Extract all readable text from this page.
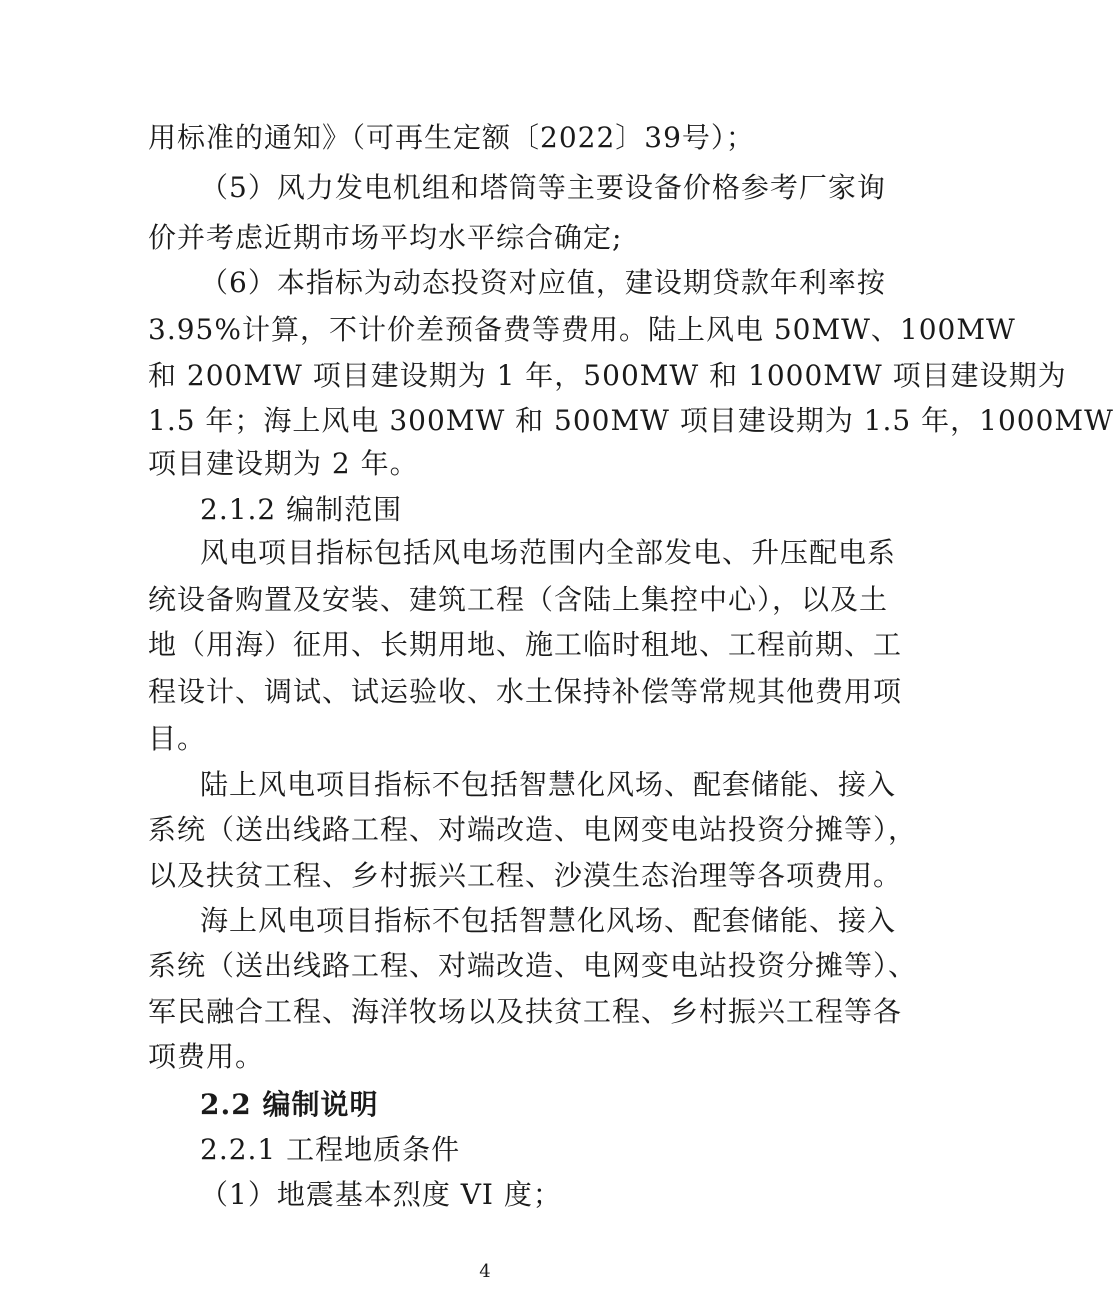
用标准的通知》（可再生定额〔2022〕39号）；
（5）风力发电机组和塔筒等主要设备价格参考厂家询
价并考虑近期市场平均水平综合确定;
（6）本指标为动态投资对应值，建设期贷款年利率按
3.95%计算，不计价差预备费等费用。陆上风电 50MW、100MW
和 200MW 项目建设期为 1 年，500MW 和 1000MW 项目建设期为
1.5 年；海上风电 300MW 和 500MW 项目建设期为 1.5 年，1000MW
项目建设期为 2 年。
2.1.2 编制范围
风电项目指标包括风电场范围内全部发电、升压配电系
统设备购置及安装、建筑工程（含陆上集控中心），以及土
地（用海）征用、长期用地、施工临时租地、工程前期、工
程设计、调试、试运验收、水土保持补偿等常规其他费用项
目。
陆上风电项目指标不包括智慧化风场、配套储能、接入
系统（送出线路工程、对端改造、电网变电站投资分摊等），
以及扶贫工程、乡村振兴工程、沙漠生态治理等各项费用。
海上风电项目指标不包括智慧化风场、配套储能、接入
系统（送出线路工程、对端改造、电网变电站投资分摊等）、
军民融合工程、海洋牧场以及扶贫工程、乡村振兴工程等各
项费用。
2.2 编制说明
2.2.1 工程地质条件
（1）地震基本烈度 VI 度；
4
